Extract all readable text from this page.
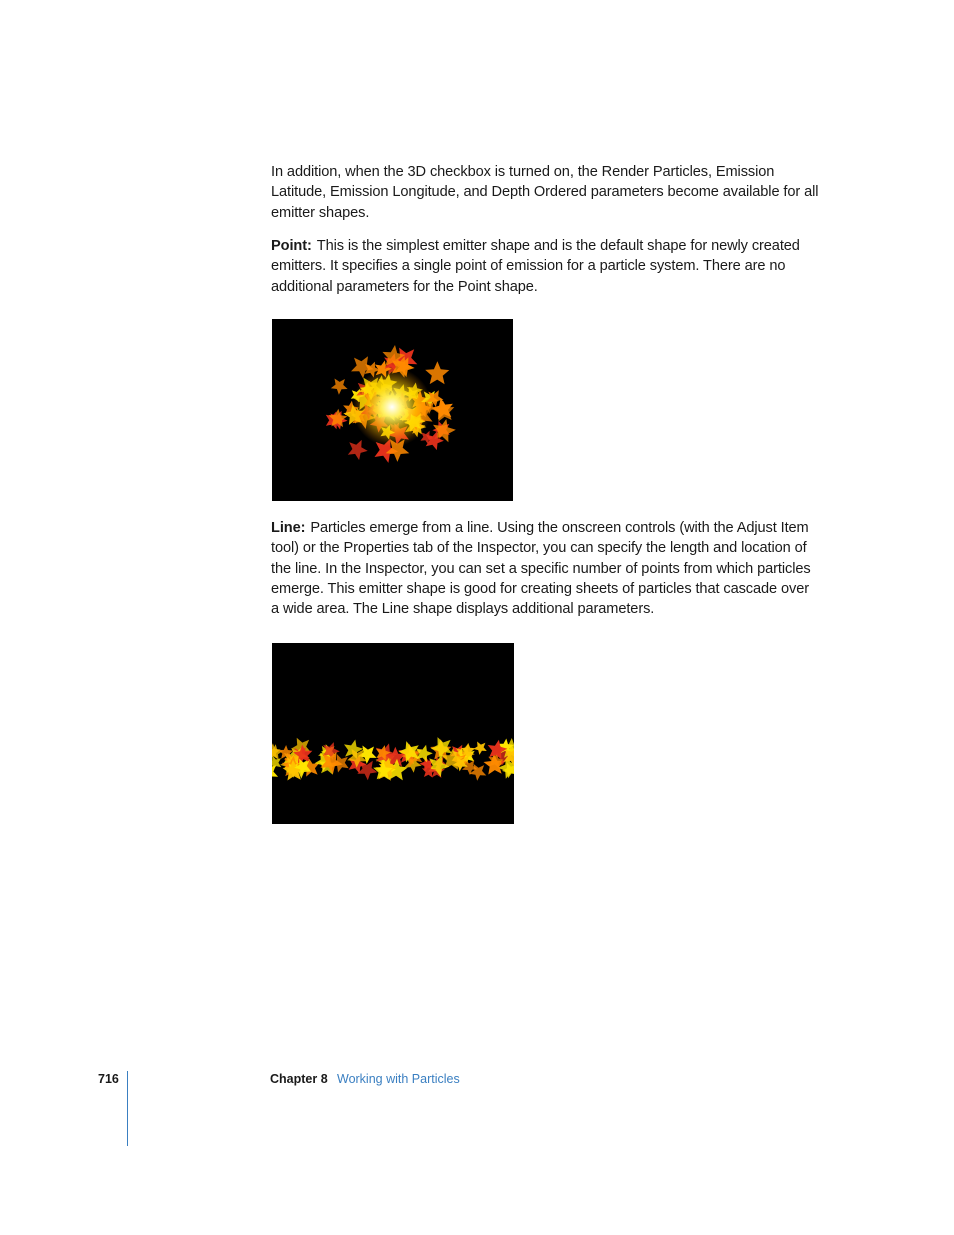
In addition, when the 3D checkbox is turned on, the Render Particles, Emission Latitude, Emission Longitude, and Depth Ordered parameters become available for all emitter shapes.

Point: This is the simplest emitter shape and is the default shape for newly created emitters. It specifies a single point of emission for a particle system. There are no additional parameters for the Point shape.

Line: Particles emerge from a line. Using the onscreen controls (with the Adjust Item tool) or the Properties tab of the Inspector, you can specify the length and location of the line. In the Inspector, you can set a specific number of points from which particles emerge. This emitter shape is good for creating sheets of particles that cascade over a wide area. The Line shape displays additional parameters.

716	Chapter 8 Working with Particles
